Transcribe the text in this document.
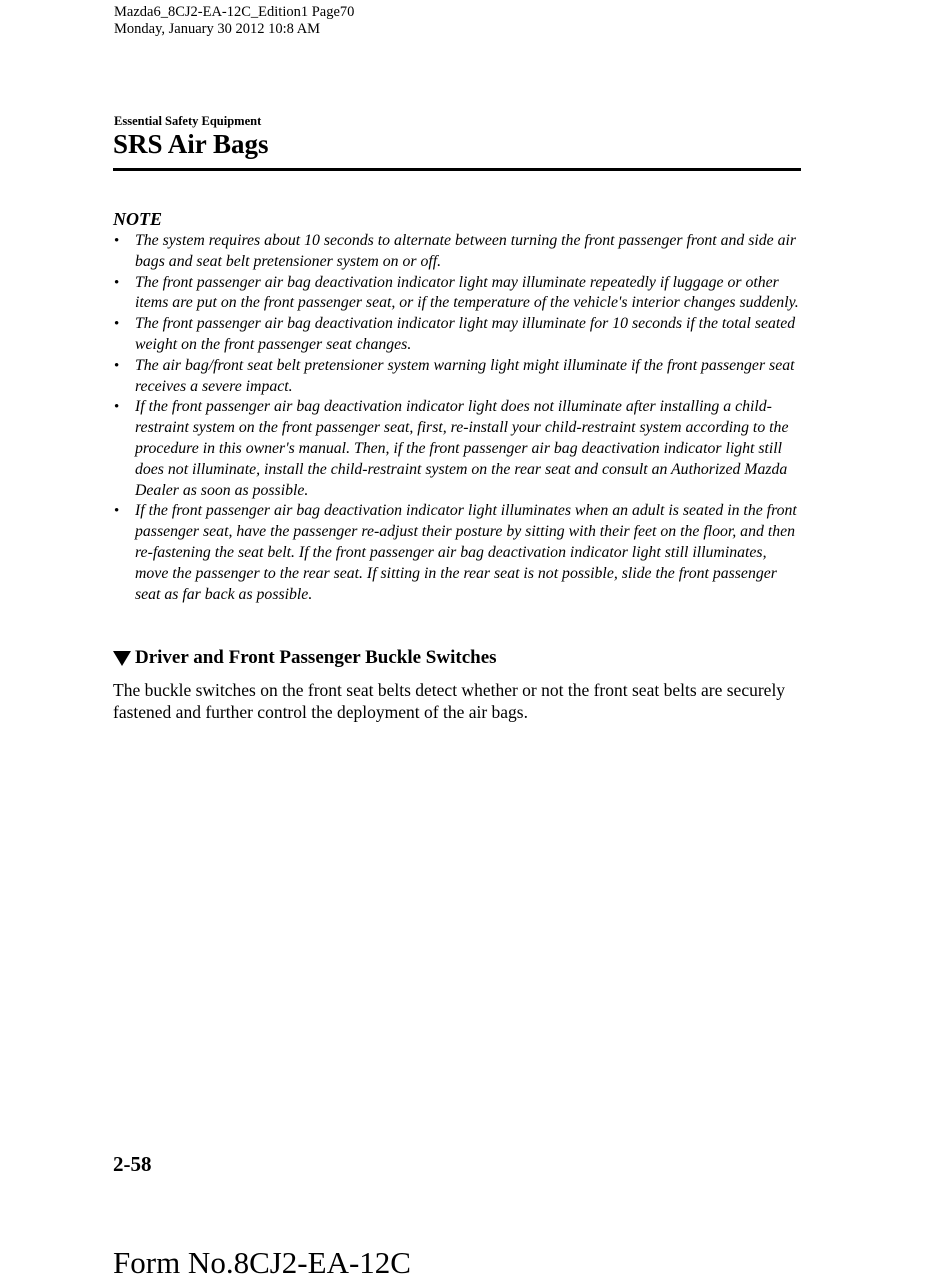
Mazda6_8CJ2-EA-12C_Edition1 Page70
Monday, January 30 2012 10:8 AM
Essential Safety Equipment
SRS Air Bags
NOTE
• The system requires about 10 seconds to alternate between turning the front passenger front and side air bags and seat belt pretensioner system on or off.
• The front passenger air bag deactivation indicator light may illuminate repeatedly if luggage or other items are put on the front passenger seat, or if the temperature of the vehicle's interior changes suddenly.
• The front passenger air bag deactivation indicator light may illuminate for 10 seconds if the total seated weight on the front passenger seat changes.
• The air bag/front seat belt pretensioner system warning light might illuminate if the front passenger seat receives a severe impact.
• If the front passenger air bag deactivation indicator light does not illuminate after installing a child-restraint system on the front passenger seat, first, re-install your child-restraint system according to the procedure in this owner's manual. Then, if the front passenger air bag deactivation indicator light still does not illuminate, install the child-restraint system on the rear seat and consult an Authorized Mazda Dealer as soon as possible.
• If the front passenger air bag deactivation indicator light illuminates when an adult is seated in the front passenger seat, have the passenger re-adjust their posture by sitting with their feet on the floor, and then re-fastening the seat belt. If the front passenger air bag deactivation indicator light still illuminates, move the passenger to the rear seat. If sitting in the rear seat is not possible, slide the front passenger seat as far back as possible.
Driver and Front Passenger Buckle Switches

The buckle switches on the front seat belts detect whether or not the front seat belts are securely fastened and further control the deployment of the air bags.

2-58
Form No.8CJ2-EA-12C
